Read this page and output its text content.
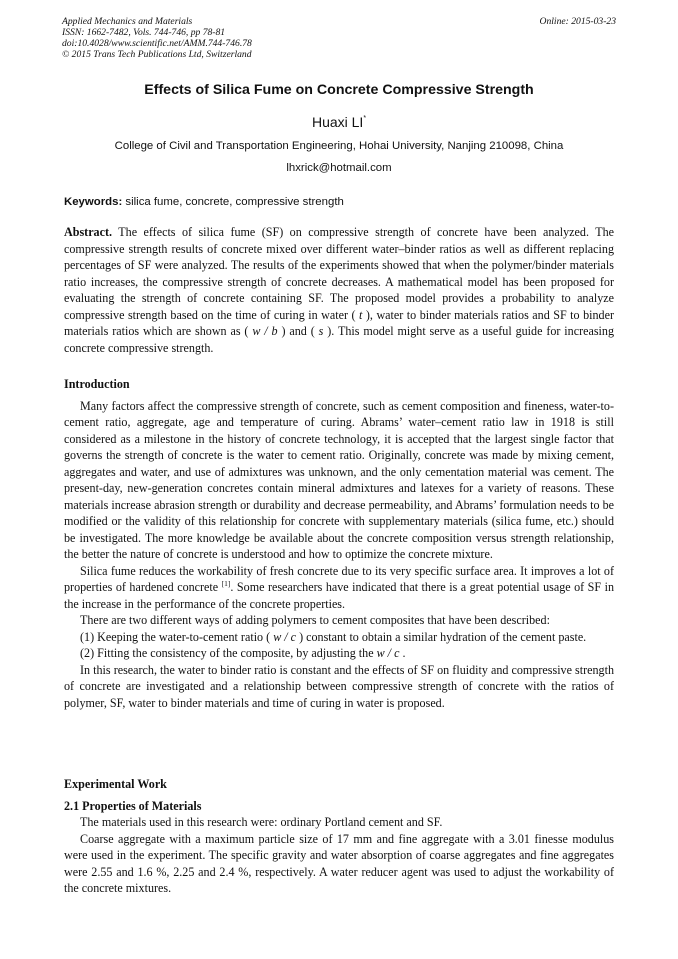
Applied Mechanics and Materials
ISSN: 1662-7482, Vols. 744-746, pp 78-81
doi:10.4028/www.scientific.net/AMM.744-746.78
© 2015 Trans Tech Publications Ltd, Switzerland
Online: 2015-03-23
Effects of Silica Fume on Concrete Compressive Strength
Huaxi LI*
College of Civil and Transportation Engineering, Hohai University, Nanjing 210098, China
lhxrick@hotmail.com
Keywords: silica fume, concrete, compressive strength

Abstract. The effects of silica fume (SF) on compressive strength of concrete have been analyzed. The compressive strength results of concrete mixed over different water–binder ratios as well as different replacing percentages of SF were analyzed. The results of the experiments showed that when the polymer/binder materials ratio increases, the compressive strength of concrete decreases. A mathematical model has been proposed for evaluating the strength of concrete containing SF. The proposed model provides a probability to analyze compressive strength based on the time of curing in water ( t ), water to binder materials ratios and SF to binder materials ratios which are shown as ( w / b ) and ( s ). This model might serve as a useful guide for increasing concrete compressive strength.

Introduction

Many factors affect the compressive strength of concrete, such as cement composition and fineness, water-to-cement ratio, aggregate, age and temperature of curing. Abrams’ water–cement ratio law in 1918 is still considered as a milestone in the history of concrete technology, it is accepted that the largest single factor that governs the strength of concrete is the water to cement ratio. Originally, concrete was made by mixing cement, aggregates and water, and use of admixtures was unknown, and the only cementation material was cement. The present-day, new-generation concretes contain mineral admixtures and latexes for a variety of reasons. These materials increase abrasion strength or durability and decrease permeability, and Abrams’ formulation needs to be modified or the validity of this relationship for concrete with supplementary materials (silica fume, etc.) should be investigated. The more knowledge be available about the concrete composition versus strength relationship, the better the nature of concrete is understood and how to optimize the concrete mixture.

Silica fume reduces the workability of fresh concrete due to its very specific surface area. It improves a lot of properties of hardened concrete [1]. Some researchers have indicated that there is a great potential usage of SF in the increase in the performance of the concrete properties.

There are two different ways of adding polymers to cement composites that have been described:

(1) Keeping the water-to-cement ratio ( w / c ) constant to obtain a similar hydration of the cement paste.

(2) Fitting the consistency of the composite, by adjusting the w / c .

In this research, the water to binder ratio is constant and the effects of SF on fluidity and compressive strength of concrete are investigated and a relationship between compressive strength of concrete with the ratios of polymer, SF, water to binder materials and time of curing in water is proposed.

Experimental Work

2.1 Properties of Materials

The materials used in this research were: ordinary Portland cement and SF.

Coarse aggregate with a maximum particle size of 17 mm and fine aggregate with a 3.01 finesse modulus were used in the experiment. The specific gravity and water absorption of coarse aggregates and fine aggregates were 2.55 and 1.6 %, 2.25 and 2.4 %, respectively. A water reducer agent was used to adjust the workability of the concrete mixtures.
